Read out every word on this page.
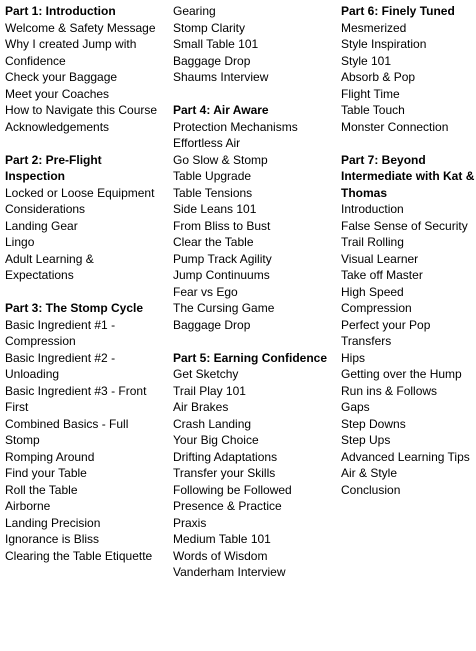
Part 1: Introduction
Welcome & Safety Message
Why I created Jump with Confidence
Check your Baggage
Meet your Coaches
How to Navigate this Course
Acknowledgements
Part 2: Pre-Flight Inspection
Locked or Loose Equipment Considerations
Landing Gear
Lingo
Adult Learning & Expectations
Part 3: The Stomp Cycle
Basic Ingredient #1 - Compression
Basic Ingredient #2 - Unloading
Basic Ingredient #3 - Front First
Combined Basics - Full Stomp
Romping Around
Find your Table
Roll the Table
Airborne
Landing Precision
Ignorance is Bliss
Clearing the Table Etiquette
Gearing
Stomp Clarity
Small Table 101
Baggage Drop
Shaums Interview
Part 4: Air Aware
Protection Mechanisms
Effortless Air
Go Slow & Stomp
Table Upgrade
Table Tensions
Side Leans 101
From Bliss to Bust
Clear the Table
Pump Track Agility
Jump Continuums
Fear vs Ego
The Cursing Game
Baggage Drop
Part 5: Earning Confidence
Get Sketchy
Trail Play 101
Air Brakes
Crash Landing
Your Big Choice
Drifting Adaptations
Transfer your Skills
Following be Followed
Presence & Practice
Praxis
Medium Table 101
Words of Wisdom
Vanderham Interview
Part 6: Finely Tuned
Mesmerized
Style Inspiration
Style 101
Absorb & Pop
Flight Time
Table Touch
Monster Connection
Part 7: Beyond Intermediate with Kat & Thomas
Introduction
False Sense of Security
Trail Rolling
Visual Learner
Take off Master
High Speed Compression
Perfect your Pop
Transfers
Hips
Getting over the Hump
Run ins & Follows
Gaps
Step Downs
Step Ups
Advanced Learning Tips
Air & Style
Conclusion
